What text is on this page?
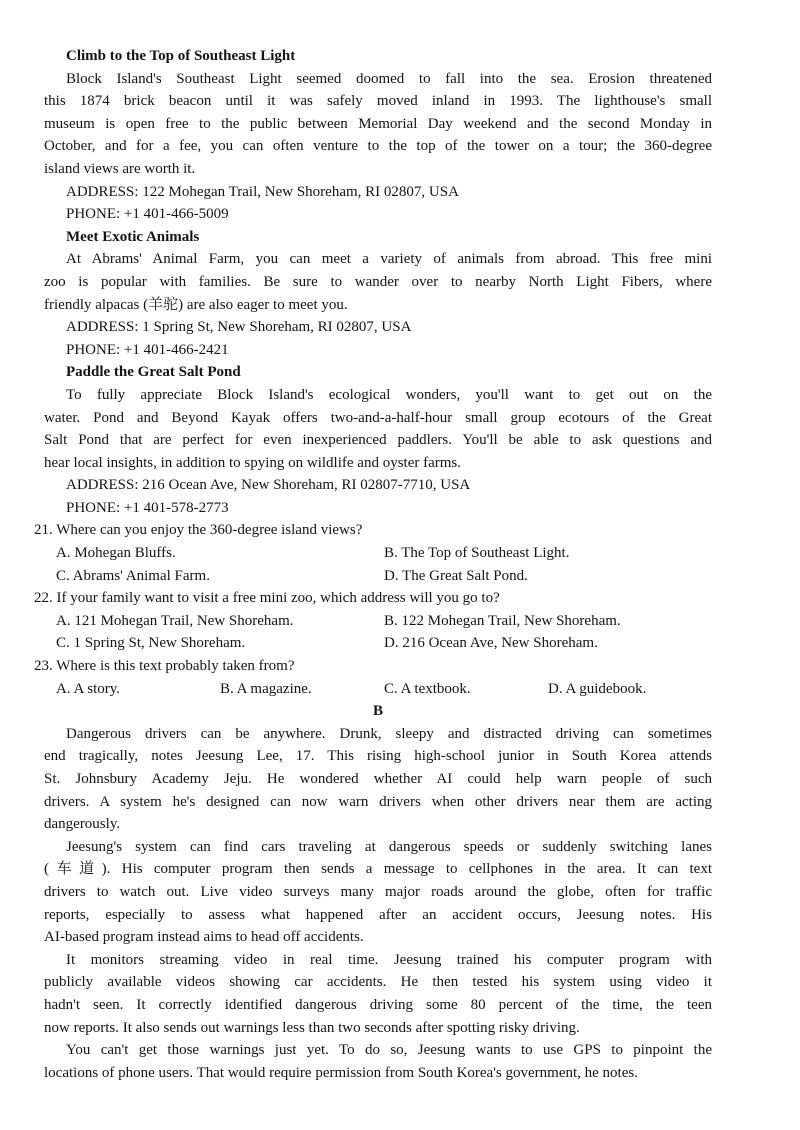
Climb to the Top of Southeast Light
Block Island's Southeast Light seemed doomed to fall into the sea. Erosion threatened
this 1874 brick beacon until it was safely moved inland in 1993. The lighthouse's small
museum is open free to the public between Memorial Day weekend and the second Monday in
October, and for a fee, you can often venture to the top of the tower on a tour; the 360-degree
island views are worth it.
ADDRESS: 122 Mohegan Trail, New Shoreham, RI 02807, USA
PHONE: +1 401-466-5009
Meet Exotic Animals
At Abrams' Animal Farm, you can meet a variety of animals from abroad. This free mini
zoo is popular with families. Be sure to wander over to nearby North Light Fibers, where
friendly alpacas (羊驼) are also eager to meet you.
ADDRESS: 1 Spring St, New Shoreham, RI 02807, USA
PHONE: +1 401-466-2421
Paddle the Great Salt Pond
To fully appreciate Block Island's ecological wonders, you'll want to get out on the
water. Pond and Beyond Kayak offers two-and-a-half-hour small group ecotours of the Great
Salt Pond that are perfect for even inexperienced paddlers. You'll be able to ask questions and
hear local insights, in addition to spying on wildlife and oyster farms.
ADDRESS: 216 Ocean Ave, New Shoreham, RI 02807-7710, USA
PHONE: +1 401-578-2773
21. Where can you enjoy the 360-degree island views?
A. Mohegan Bluffs.	B. The Top of Southeast Light.
C. Abrams' Animal Farm.	D. The Great Salt Pond.
22. If your family want to visit a free mini zoo, which address will you go to?
A. 121 Mohegan Trail, New Shoreham.	B. 122 Mohegan Trail, New Shoreham.
C. 1 Spring St, New Shoreham.	D. 216 Ocean Ave, New Shoreham.
23. Where is this text probably taken from?
A. A story.	B. A magazine.	C. A textbook.	D. A guidebook.
B
Dangerous drivers can be anywhere. Drunk, sleepy and distracted driving can sometimes
end tragically, notes Jeesung Lee, 17. This rising high-school junior in South Korea attends
St. Johnsbury Academy Jeju. He wondered whether AI could help warn people of such
drivers. A system he's designed can now warn drivers when other drivers near them are acting
dangerously.
Jeesung's system can find cars traveling at dangerous speeds or suddenly switching lanes
(车道). His computer program then sends a message to cellphones in the area. It can text
drivers to watch out. Live video surveys many major roads around the globe, often for traffic
reports, especially to assess what happened after an accident occurs, Jeesung notes. His
AI-based program instead aims to head off accidents.
It monitors streaming video in real time. Jeesung trained his computer program with
publicly available videos showing car accidents. He then tested his system using video it
hadn't seen. It correctly identified dangerous driving some 80 percent of the time, the teen
now reports. It also sends out warnings less than two seconds after spotting risky driving.
You can't get those warnings just yet. To do so, Jeesung wants to use GPS to pinpoint the
locations of phone users. That would require permission from South Korea's government, he notes.
